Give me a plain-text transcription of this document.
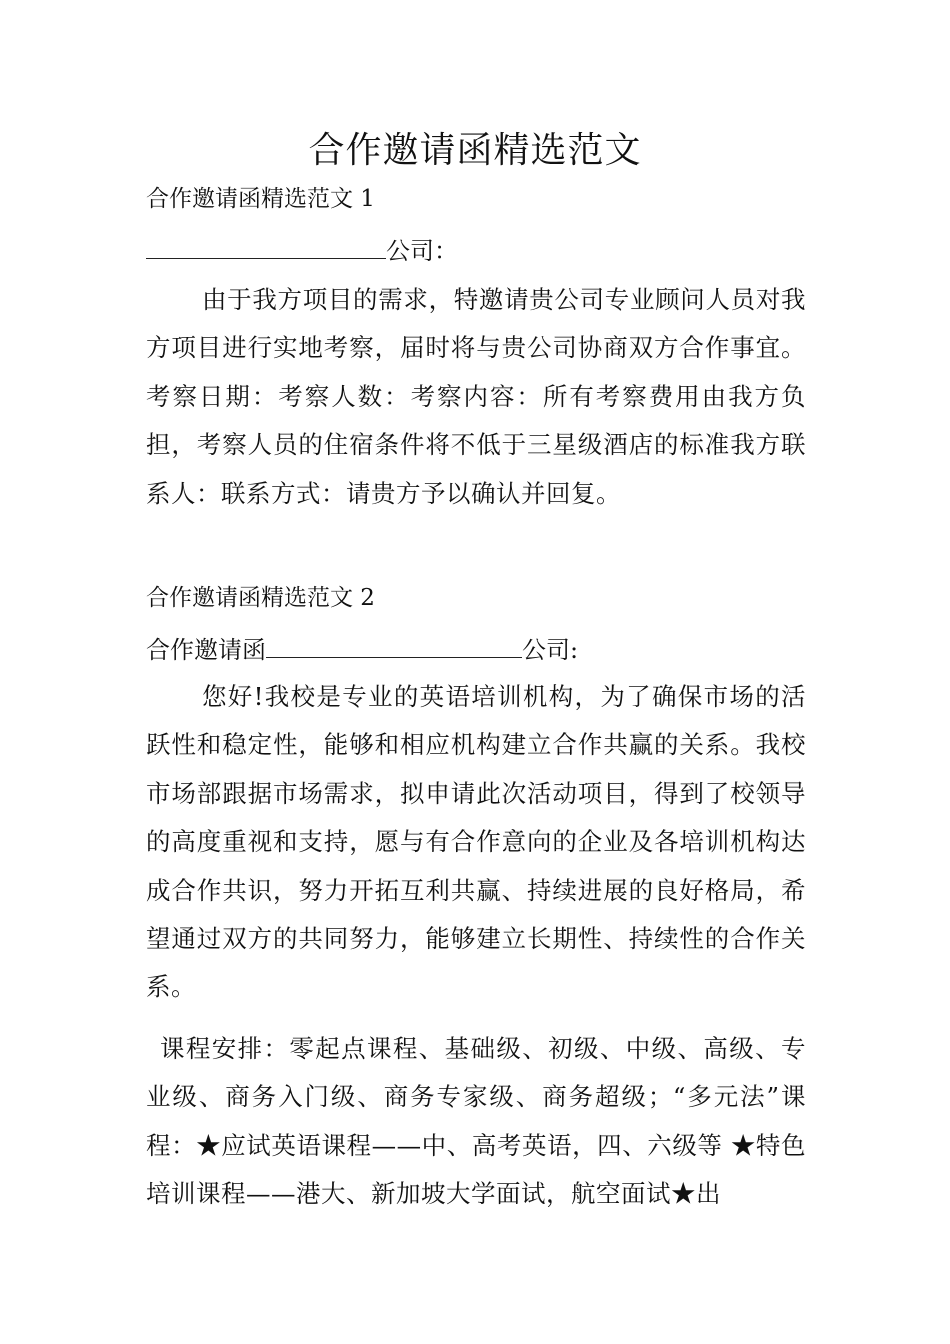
合作邀请函精选范文
合作邀请函精选范文 1
公司：
由于我方项目的需求，特邀请贵公司专业顾问人员对我方项目进行实地考察，届时将与贵公司协商双方合作事宜。考察日期：考察人数：考察内容：所有考察费用由我方负担，考察人员的住宿条件将不低于三星级酒店的标准我方联系人：联系方式：请贵方予以确认并回复。
合作邀请函精选范文 2
合作邀请函	公司:
您好!我校是专业的英语培训机构，为了确保市场的活跃性和稳定性，能够和相应机构建立合作共赢的关系。我校市场部跟据市场需求，拟申请此次活动项目，得到了校领导的高度重视和支持，愿与有合作意向的企业及各培训机构达成合作共识，努力开拓互利共赢、持续进展的良好格局，希望通过双方的共同努力，能够建立长期性、持续性的合作关系。
课程安排：零起点课程、基础级、初级、中级、高级、专业级、商务入门级、商务专家级、商务超级；“多元法”课程：★应试英语课程——中、高考英语，四、六级等 ★特色培训课程——港大、新加坡大学面试，航空面试★出
